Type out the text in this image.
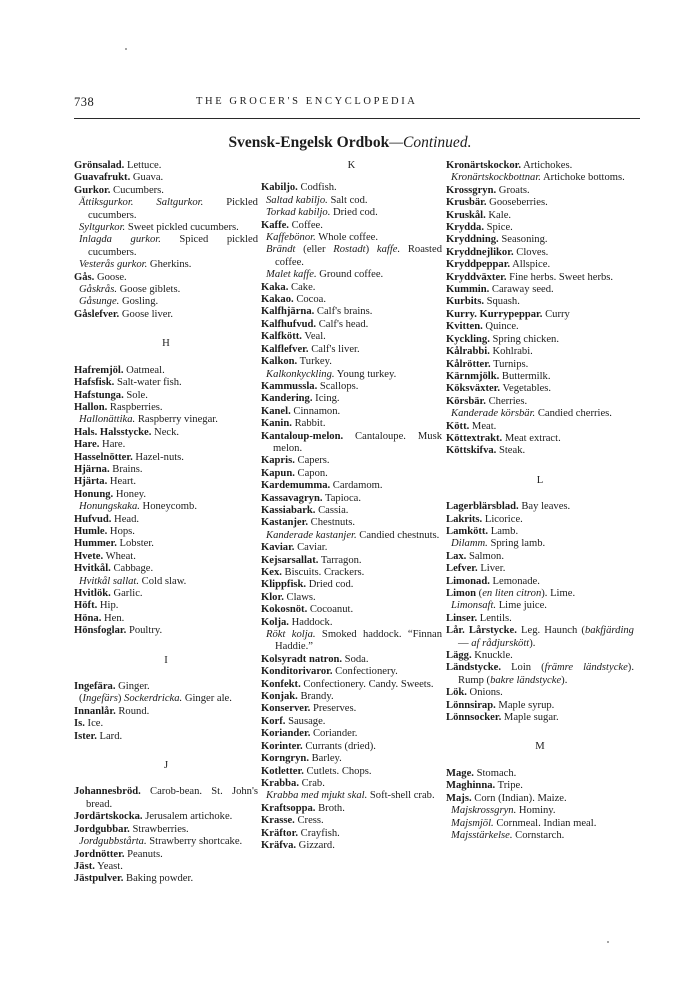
738	THE GROCER'S ENCYCLOPEDIA
Svensk-Engelsk Ordbok—Continued.

Grönsalad. Lettuce.

Guavafrukt. Guava.

Gurkor. Cucumbers.

Ättiksgurkor. Saltgurkor. Pickled cucumbers.

Syltgurkor. Sweet pickled cucumbers.

Inlagda gurkor. Spiced pickled cucumbers.

Vesterås gurkor. Gherkins.

Gås. Goose.

Gåskrås. Goose giblets.

Gåsunge. Gosling.

Gåslefver. Goose liver.

H

Hafremjöl. Oatmeal.

Hafsfisk. Salt-water fish.

Hafstunga. Sole.

Hallon. Raspberries.

Hallonättika. Raspberry vinegar.

Hals. Halsstycke. Neck.

Hare. Hare.

Hasselnötter. Hazel-nuts.

Hjärna. Brains.

Hjärta. Heart.

Honung. Honey.

Honungskaka. Honeycomb.

Hufvud. Head.

Humle. Hops.

Hummer. Lobster.

Hvete. Wheat.

Hvitkål. Cabbage.

Hvitkål sallat. Cold slaw.

Hvitlök. Garlic.

Höft. Hip.

Höna. Hen.

Hönsfoglar. Poultry.

I

Ingefära. Ginger.

(Ingefärs) Sockerdricka. Ginger ale.

Innanlår. Round.

Is. Ice.

Ister. Lard.

J

Johannesbröd. Carob-bean. St. John's bread.

Jordärtskocka. Jerusalem artichoke.

Jordgubbar. Strawberries.

Jordgubbstårta. Strawberry shortcake.

Jordnötter. Peanuts.

Jäst. Yeast.

Jästpulver. Baking powder.

K

Kabiljo. Codfish.

Saltad kabiljo. Salt cod.

Torkad kabiljo. Dried cod.

Kaffe. Coffee.

Kaffebönor. Whole coffee.

Brändt (eller Rostadt) kaffe. Roasted coffee.

Malet kaffe. Ground coffee.

Kaka. Cake.

Kakao. Cocoa.

Kalfhjärna. Calf's brains.

Kalfhufvud. Calf's head.

Kalfkött. Veal.

Kalflefver. Calf's liver.

Kalkon. Turkey.

Kalkonkyckling. Young turkey.

Kammussla. Scallops.

Kandering. Icing.

Kanel. Cinnamon.

Kanin. Rabbit.

Kantaloup-melon. Cantaloupe. Musk melon.

Kapris. Capers.

Kapun. Capon.

Kardemumma. Cardamom.

Kassavagryn. Tapioca.

Kassiabark. Cassia.

Kastanjer. Chestnuts.

Kanderade kastanjer. Candied chestnuts.

Kaviar. Caviar.

Kejsarsallat. Tarragon.

Kex. Biscuits. Crackers.

Klippfisk. Dried cod.

Klor. Claws.

Kokosnöt. Cocoanut.

Kolja. Haddock.

Rökt kolja. Smoked haddock. “Finnan Haddie.”

Kolsyradt natron. Soda.

Konditorivaror. Confectionery.

Konfekt. Confectionery. Candy. Sweets.

Konjak. Brandy.

Konserver. Preserves.

Korf. Sausage.

Koriander. Coriander.

Korinter. Currants (dried).

Korngryn. Barley.

Kotletter. Cutlets. Chops.

Krabba. Crab.

Krabba med mjukt skal. Soft-shell crab.

Kraftsoppa. Broth.

Krasse. Cress.

Kräftor. Crayfish.

Kräfva. Gizzard.

Kronärtskockor. Artichokes.

Kronärtskockbottnar. Artichoke bottoms.

Krossgryn. Groats.

Krusbär. Gooseberries.

Kruskål. Kale.

Krydda. Spice.

Kryddning. Seasoning.

Kryddnejlikor. Cloves.

Kryddpeppar. Allspice.

Kryddväxter. Fine herbs. Sweet herbs.

Kummin. Caraway seed.

Kurbits. Squash.

Kurry. Kurrypeppar. Curry

Kvitten. Quince.

Kyckling. Spring chicken.

Kålrabbi. Kohlrabi.

Kålrötter. Turnips.

Kärnmjölk. Buttermilk.

Köksväxter. Vegetables.

Körsbär. Cherries.

Kanderade körsbär. Candied cherries.

Kött. Meat.

Köttextrakt. Meat extract.

Köttskifva. Steak.

L

Lagerblärsblad. Bay leaves.

Lakrits. Licorice.

Lamkött. Lamb.

Dilamm. Spring lamb.

Lax. Salmon.

Lefver. Liver.

Limonad. Lemonade.

Limon (en liten citron). Lime.

Limonsaft. Lime juice.

Linser. Lentils.

Lår. Lårstycke. Leg. Haunch (bakfjärding — af rådjurskött).

Lägg. Knuckle.

Ländstycke. Loin (främre ländstycke). Rump (bakre ländstycke).

Lök. Onions.

Lönnsirap. Maple syrup.

Lönnsocker. Maple sugar.

M

Mage. Stomach.

Maghinna. Tripe.

Majs. Corn (Indian). Maize.

Majskrossgryn. Hominy.

Majsmjöl. Cornmeal. Indian meal.

Majsstärkelse. Cornstarch.
